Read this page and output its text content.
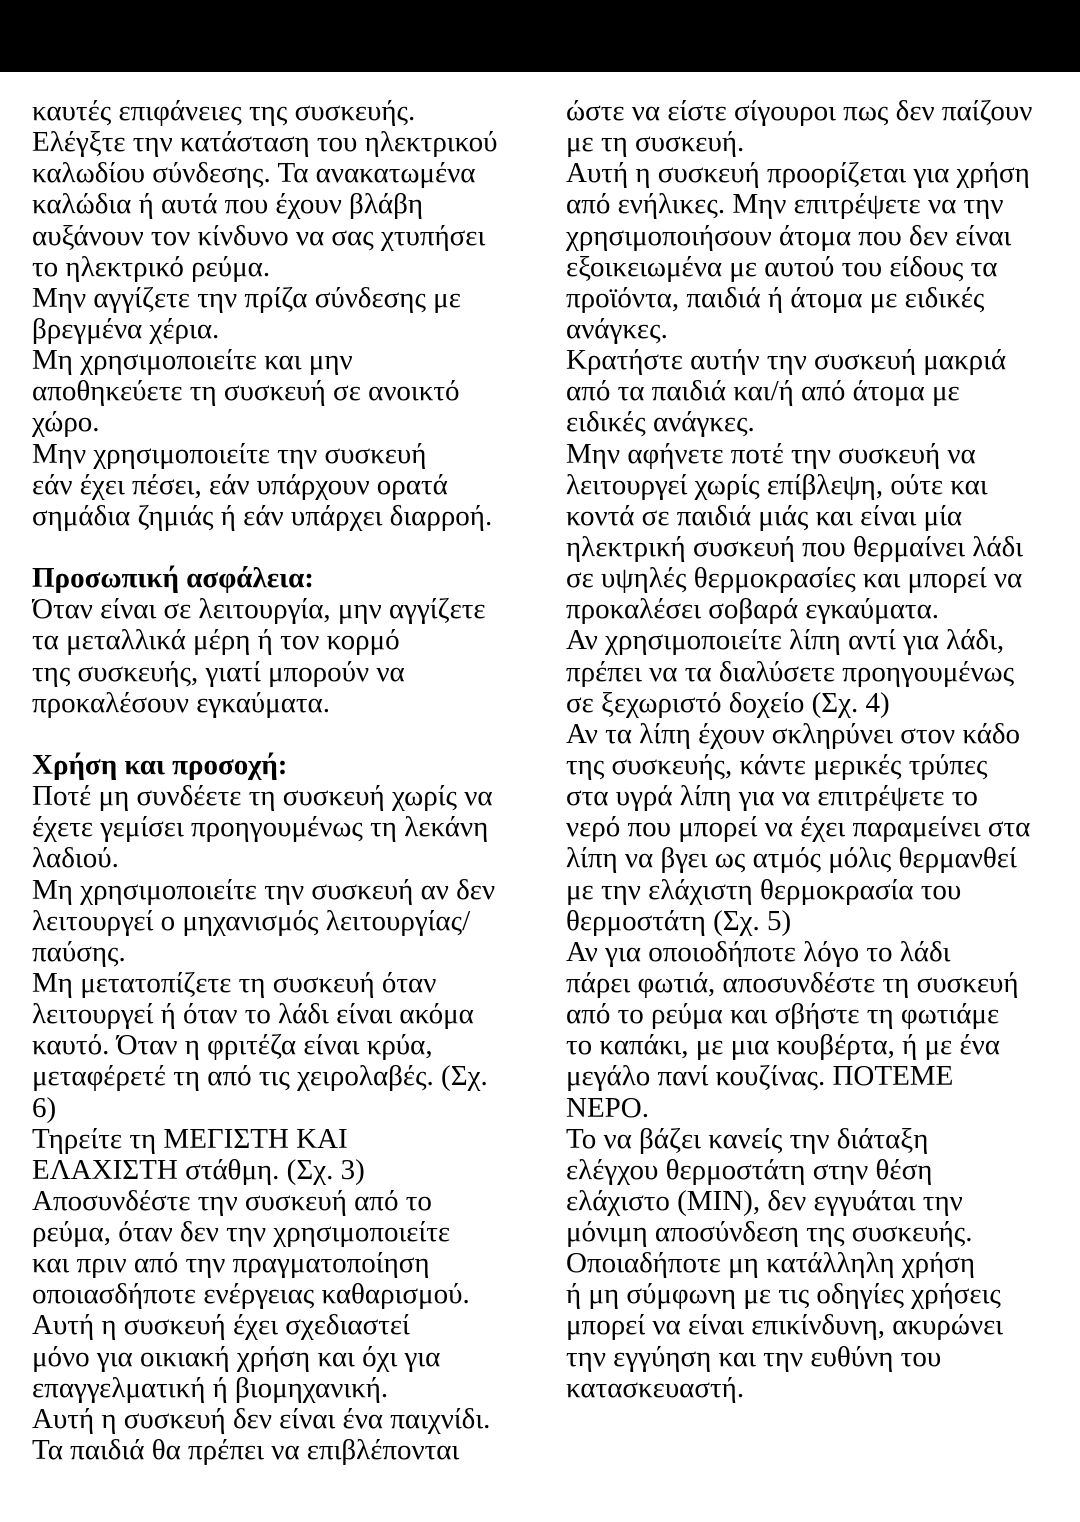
καυτές επιφάνειες της συσκευής.
Ελέγξτε την κατάσταση του ηλεκτρικού
καλωδίου σύνδεσης. Τα ανακατωμένα
καλώδια ή αυτά που έχουν βλάβη
αυξάνουν τον κίνδυνο να σας χτυπήσει
το ηλεκτρικό ρεύμα.
Μην αγγίζετε την πρίζα σύνδεσης με
βρεγμένα χέρια.
Μη χρησιμοποιείτε και μην
αποθηκεύετε τη συσκευή σε ανοικτό
χώρο.
Μην χρησιμοποιείτε την συσκευή
εάν έχει πέσει, εάν υπάρχουν ορατά
σημάδια ζημιάς ή εάν υπάρχει διαρροή.
Προσωπική ασφάλεια:
Όταν είναι σε λειτουργία, μην αγγίζετε
τα μεταλλικά μέρη ή τον κορμό
της συσκευής, γιατί μπορούν να
προκαλέσουν εγκαύματα.
Χρήση και προσοχή:
Ποτέ μη συνδέετε τη συσκευή χωρίς να
έχετε γεμίσει προηγουμένως τη λεκάνη
λαδιού.
Μη χρησιμοποιείτε την συσκευή αν δεν
λειτουργεί ο μηχανισμός λειτουργίας/
παύσης.
Μη μετατοπίζετε τη συσκευή όταν
λειτουργεί ή όταν το λάδι είναι ακόμα
καυτό. Όταν η φριτέζα είναι κρύα,
μεταφέρετέ τη από τις χειρολαβές. (Σχ.
6)
Τηρείτε τη ΜΕΓΙΣΤΗ ΚΑΙ
ΕΛΑΧΙΣΤΗ στάθμη. (Σχ. 3)
Αποσυνδέστε την συσκευή από το
ρεύμα, όταν δεν την χρησιμοποιείτε
και πριν από την πραγματοποίηση
οποιασδήποτε ενέργειας καθαρισμού.
Αυτή η συσκευή έχει σχεδιαστεί
μόνο για οικιακή χρήση και όχι για
επαγγελματική ή βιομηχανική.
Αυτή η συσκευή δεν είναι ένα παιχνίδι.
Τα παιδιά θα πρέπει να επιβλέπονται
ώστε να είστε σίγουροι πως δεν παίζουν
με τη συσκευή.
Αυτή η συσκευή προορίζεται για χρήση
από ενήλικες. Μην επιτρέψετε να την
χρησιμοποιήσουν άτομα που δεν είναι
εξοικειωμένα με αυτού του είδους τα
προϊόντα, παιδιά ή άτομα με ειδικές
ανάγκες.
Κρατήστε αυτήν την συσκευή μακριά
από τα παιδιά και/ή από άτομα με
ειδικές ανάγκες.
Μην αφήνετε ποτέ την συσκευή να
λειτουργεί χωρίς επίβλεψη, ούτε και
κοντά σε παιδιά μιάς και είναι μία
ηλεκτρική συσκευή που θερμαίνει λάδι
σε υψηλές θερμοκρασίες και μπορεί να
προκαλέσει σοβαρά εγκαύματα.
Αν χρησιμοποιείτε λίπη αντί για λάδι,
πρέπει να τα διαλύσετε προηγουμένως
σε ξεχωριστό δοχείο (Σχ. 4)
Αν τα λίπη έχουν σκληρύνει στον κάδο
της συσκευής, κάντε μερικές τρύπες
στα υγρά λίπη για να επιτρέψετε το
νερό που μπορεί να έχει παραμείνει στα
λίπη να βγει ως ατμός μόλις θερμανθεί
με την ελάχιστη θερμοκρασία του
θερμοστάτη (Σχ. 5)
Αν για οποιοδήποτε λόγο το λάδι
πάρει φωτιά, αποσυνδέστε τη συσκευή
από το ρεύμα και σβήστε τη φωτιάμε
το καπάκι, με μια κουβέρτα, ή με ένα
μεγάλο πανί κουζίνας. ΠΟΤΕΜΕ
ΝΕΡΟ.
Το να βάζει κανείς την διάταξη
ελέγχου θερμοστάτη στην θέση
ελάχιστο (MIN), δεν εγγυάται την
μόνιμη αποσύνδεση της συσκευής.
Οποιαδήποτε μη κατάλληλη χρήση
ή μη σύμφωνη με τις οδηγίες χρήσεις
μπορεί να είναι επικίνδυνη, ακυρώνει
την εγγύηση και την ευθύνη του
κατασκευαστή.
